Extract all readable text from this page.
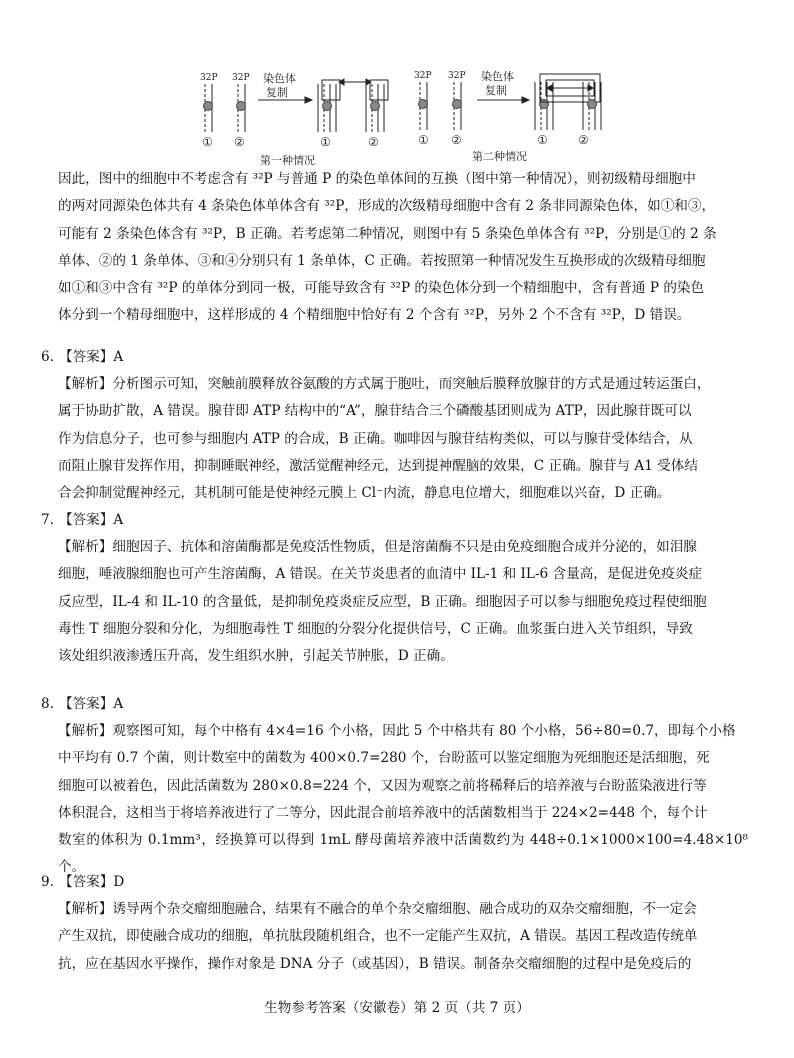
32P 32P
① ②
染色体
复制
①	②
第一种情况
32P 32P
① ②
染色体
复制
①	②
第二种情况
因此，图中的细胞中不考虑含有 ³²P 与普通 P 的染色单体间的互换（图中第一种情况），则初级精母细胞中
的两对同源染色体共有 4 条染色体单体含有 ³²P，形成的次级精母细胞中含有 2 条非同源染色体，如①和③，
可能有 2 条染色体含有 ³²P，B 正确。若考虑第二种情况，则图中有 5 条染色单体含有 ³²P，分别是①的 2 条
单体、②的 1 条单体、③和④分别只有 1 条单体，C 正确。若按照第一种情况发生互换形成的次级精母细胞
如①和③中含有 ³²P 的单体分到同一极，可能导致含有 ³²P 的染色体分到一个精细胞中，含有普通 P 的染色
体分到一个精母细胞中，这样形成的 4 个精细胞中恰好有 2 个含有 ³²P，另外 2 个不含有 ³²P，D 错误。
6. 【答案】A
【解析】分析图示可知，突触前膜释放谷氨酸的方式属于胞吐，而突触后膜释放腺苷的方式是通过转运蛋白，
属于协助扩散，A 错误。腺苷即 ATP 结构中的“A”，腺苷结合三个磷酸基团则成为 ATP，因此腺苷既可以
作为信息分子，也可参与细胞内 ATP 的合成，B 正确。咖啡因与腺苷结构类似，可以与腺苷受体结合，从
而阻止腺苷发挥作用，抑制睡眠神经，激活觉醒神经元，达到提神醒脑的效果，C 正确。腺苷与 A1 受体结
合会抑制觉醒神经元，其机制可能是使神经元膜上 Cl⁻内流，静息电位增大，细胞难以兴奋，D 正确。
7. 【答案】A
【解析】细胞因子、抗体和溶菌酶都是免疫活性物质，但是溶菌酶不只是由免疫细胞合成并分泌的，如泪腺
细胞，唾液腺细胞也可产生溶菌酶，A 错误。在关节炎患者的血清中 IL-1 和 IL-6 含量高，是促进免疫炎症
反应型，IL-4 和 IL-10 的含量低，是抑制免疫炎症反应型，B 正确。细胞因子可以参与细胞免疫过程使细胞
毒性 T 细胞分裂和分化，为细胞毒性 T 细胞的分裂分化提供信号，C 正确。血浆蛋白进入关节组织，导致
该处组织液渗透压升高，发生组织水肿，引起关节肿胀，D 正确。
8. 【答案】A
【解析】观察图可知，每个中格有 4×4=16 个小格，因此 5 个中格共有 80 个小格，56÷80=0.7，即每个小格
中平均有 0.7 个菌，则计数室中的菌数为 400×0.7=280 个，台盼蓝可以鉴定细胞为死细胞还是活细胞，死
细胞可以被着色，因此活菌数为 280×0.8=224 个，又因为观察之前将稀释后的培养液与台盼蓝染液进行等
体积混合，这相当于将培养液进行了二等分，因此混合前培养液中的活菌数相当于 224×2=448 个，每个计
数室的体积为 0.1mm³，经换算可以得到 1mL 酵母菌培养液中活菌数约为 448÷0.1×1000×100=4.48×10⁸ 个。
9. 【答案】D
【解析】诱导两个杂交瘤细胞融合，结果有不融合的单个杂交瘤细胞、融合成功的双杂交瘤细胞，不一定会
产生双抗，即使融合成功的细胞，单抗肽段随机组合，也不一定能产生双抗，A 错误。基因工程改造传统单
抗，应在基因水平操作，操作对象是 DNA 分子（或基因），B 错误。制备杂交瘤细胞的过程中是免疫后的
生物参考答案（安徽卷）第 2 页（共 7 页）
